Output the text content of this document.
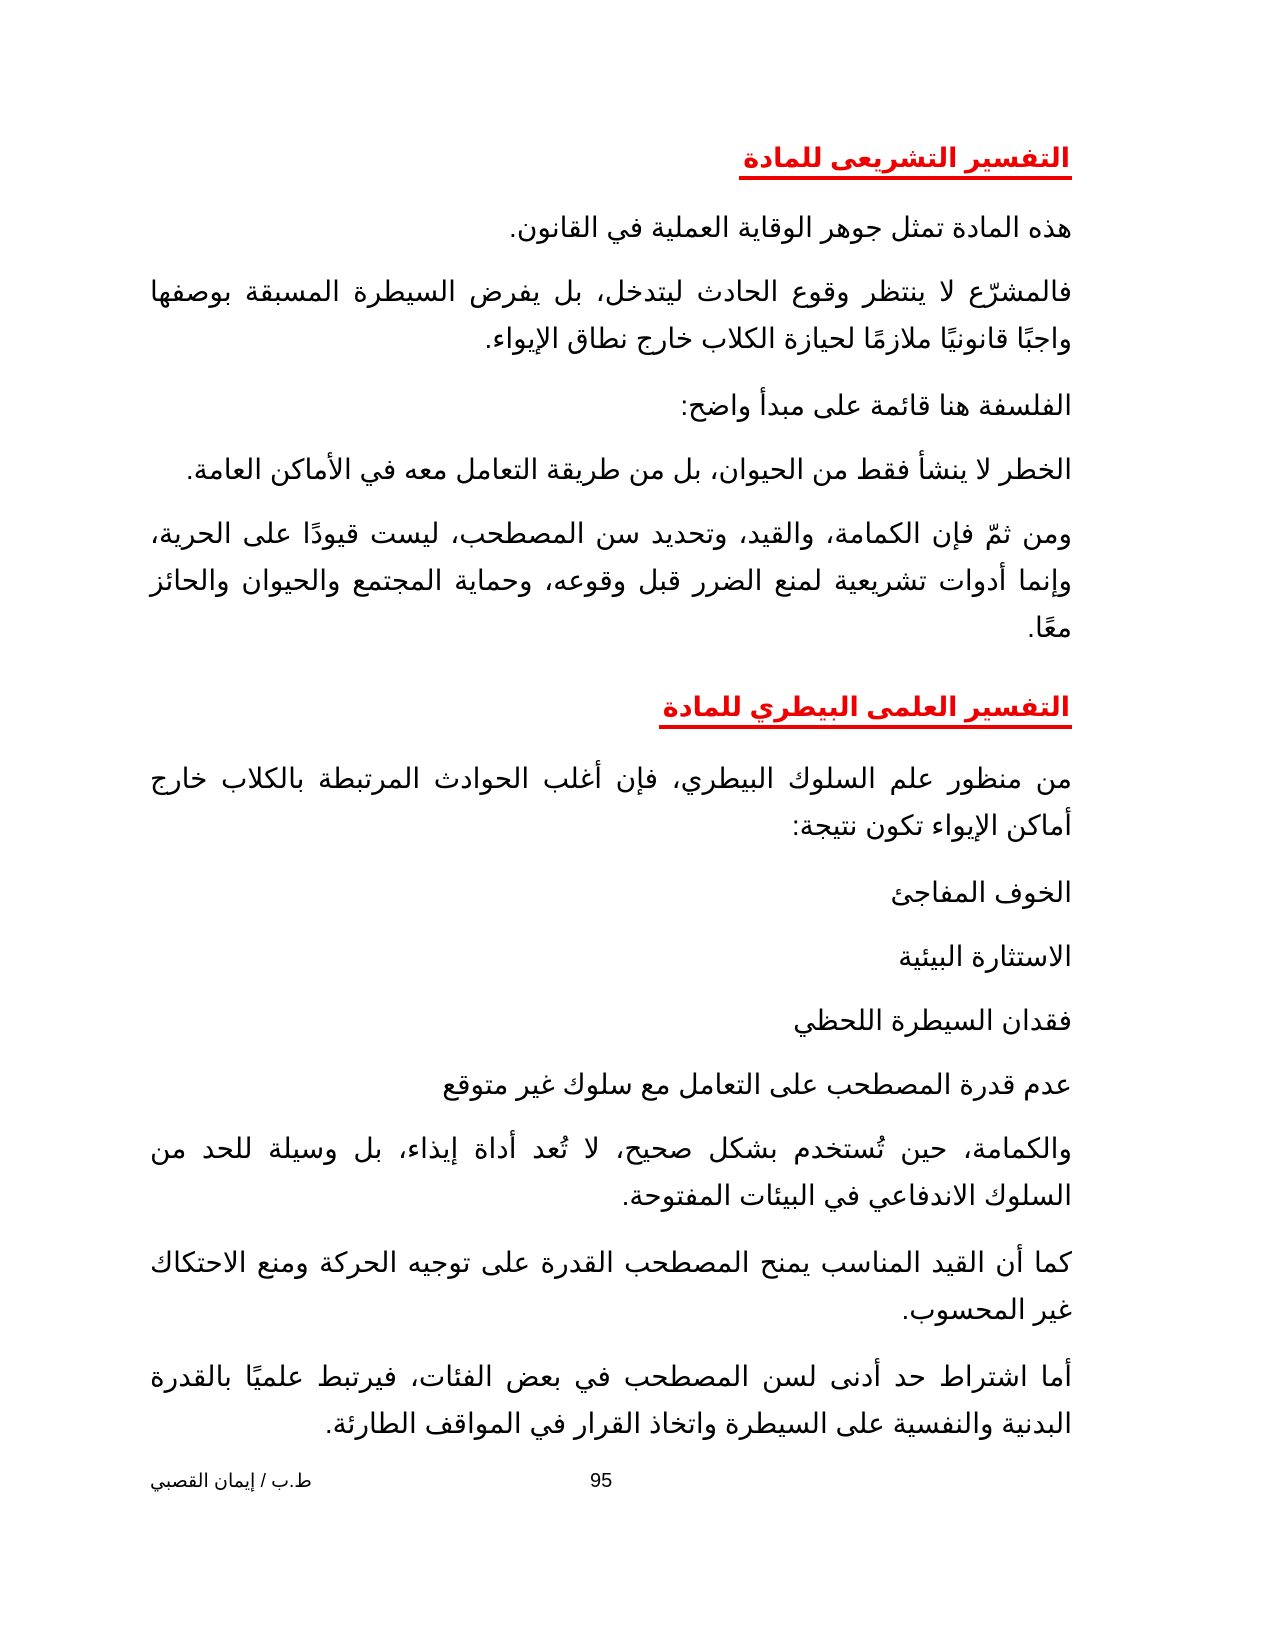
التفسير التشريعى للمادة

هذه المادة تمثل جوهر الوقاية العملية في القانون.

فالمشرّع لا ينتظر وقوع الحادث ليتدخل، بل يفرض السيطرة المسبقة بوصفها واجبًا قانونيًا ملازمًا لحيازة الكلاب خارج نطاق الإيواء.

الفلسفة هنا قائمة على مبدأ واضح:

الخطر لا ينشأ فقط من الحيوان، بل من طريقة التعامل معه في الأماكن العامة.

ومن ثمّ فإن الكمامة، والقيد، وتحديد سن المصطحب، ليست قيودًا على الحرية، وإنما أدوات تشريعية لمنع الضرر قبل وقوعه، وحماية المجتمع والحيوان والحائز معًا.

التفسير العلمى البيطري للمادة

من منظور علم السلوك البيطري، فإن أغلب الحوادث المرتبطة بالكلاب خارج أماكن الإيواء تكون نتيجة:

الخوف المفاجئ
الاستثارة البيئية
فقدان السيطرة اللحظي
عدم قدرة المصطحب على التعامل مع سلوك غير متوقع

والكمامة، حين تُستخدم بشكل صحيح، لا تُعد أداة إيذاء، بل وسيلة للحد من السلوك الاندفاعي في البيئات المفتوحة.

كما أن القيد المناسب يمنح المصطحب القدرة على توجيه الحركة ومنع الاحتكاك غير المحسوب.

أما اشتراط حد أدنى لسن المصطحب في بعض الفئات، فيرتبط علميًا بالقدرة البدنية والنفسية على السيطرة واتخاذ القرار في المواقف الطارئة.

95
ط.ب / إيمان القصبي
